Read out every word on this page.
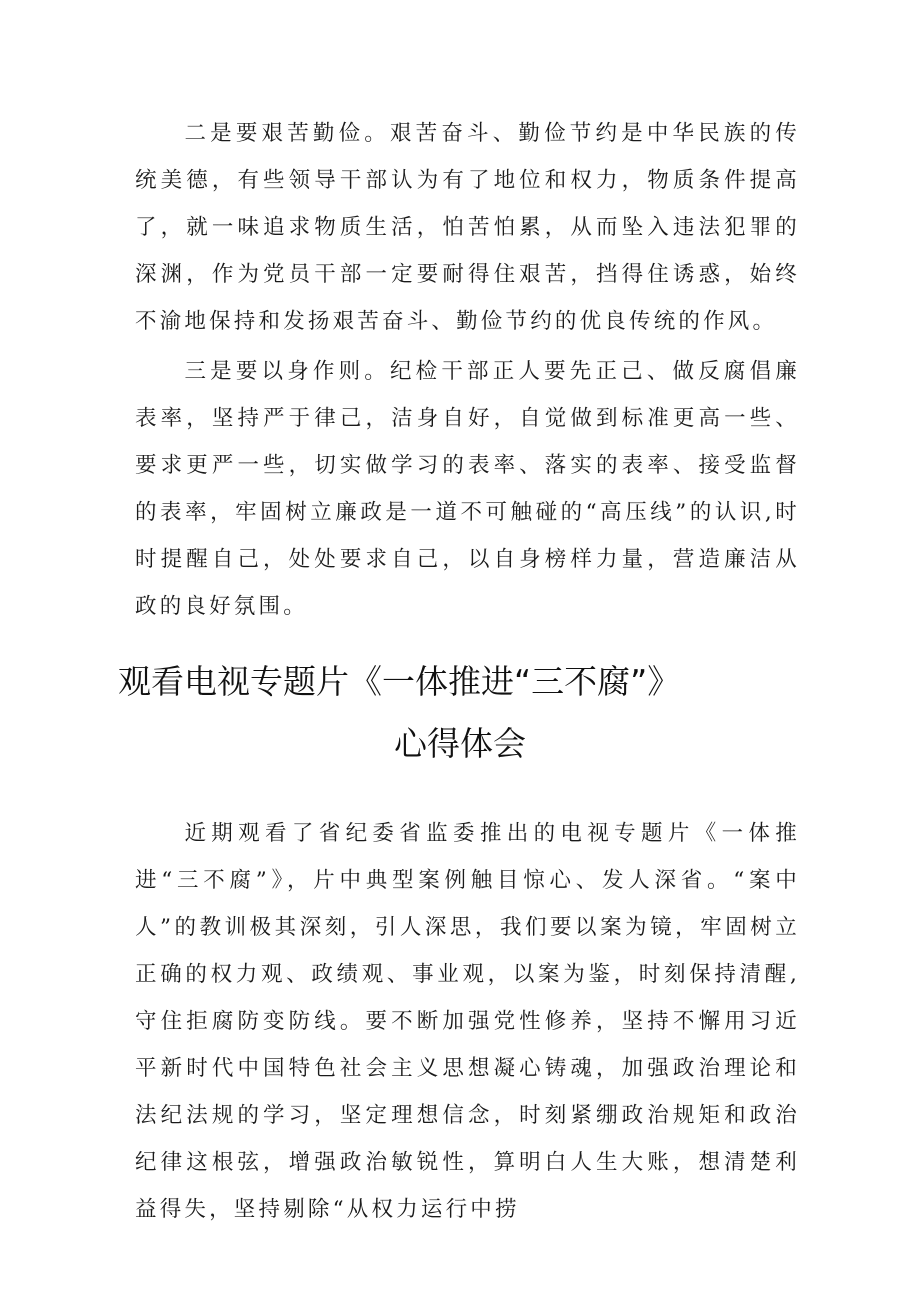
二是要艰苦勤俭。艰苦奋斗、勤俭节约是中华民族的传统美德，有些领导干部认为有了地位和权力，物质条件提高了，就一味追求物质生活，怕苦怕累，从而坠入违法犯罪的深渊，作为党员干部一定要耐得住艰苦，挡得住诱惑，始终不渝地保持和发扬艰苦奋斗、勤俭节约的优良传统的作风。

三是要以身作则。纪检干部正人要先正己、做反腐倡廉表率，坚持严于律己，洁身自好，自觉做到标准更高一些、要求更严一些，切实做学习的表率、落实的表率、接受监督的表率，牢固树立廉政是一道不可触碰的“高压线”的认识,时时提醒自己，处处要求自己，以自身榜样力量，营造廉洁从政的良好氛围。

观看电视专题片《一体推进“三不腐”》
心得体会

近期观看了省纪委省监委推出的电视专题片《一体推进“三不腐”》，片中典型案例触目惊心、发人深省。“案中人”的教训极其深刻，引人深思，我们要以案为镜，牢固树立正确的权力观、政绩观、事业观，以案为鉴，时刻保持清醒,守住拒腐防变防线。要不断加强党性修养，坚持不懈用习近平新时代中国特色社会主义思想凝心铸魂，加强政治理论和法纪法规的学习，坚定理想信念，时刻紧绷政治规矩和政治纪律这根弦，增强政治敏锐性，算明白人生大账，想清楚利益得失，坚持剔除“从权力运行中捞
